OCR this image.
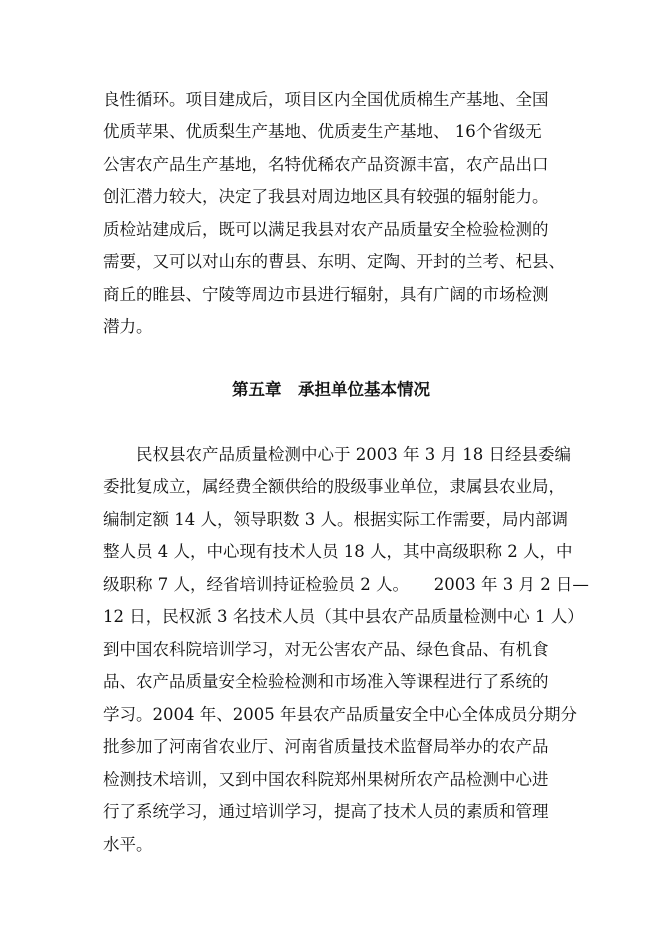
良性循环。项目建成后，项目区内全国优质棉生产基地、全国
优质苹果、优质梨生产基地、优质麦生产基地、 16个省级无
公害农产品生产基地，名特优稀农产品资源丰富，农产品出口
创汇潜力较大，决定了我县对周边地区具有较强的辐射能力。
质检站建成后，既可以满足我县对农产品质量安全检验检测的
需要，又可以对山东的曹县、东明、定陶、开封的兰考、杞县、
商丘的睢县、宁陵等周边市县进行辐射，具有广阔的市场检测
潜力。
第五章　承担单位基本情况
　　民权县农产品质量检测中心于 2003 年 3 月 18 日经县委编
委批复成立，属经费全额供给的股级事业单位，隶属县农业局，
编制定额 14 人，领导职数 3 人。根据实际工作需要，局内部调
整人员 4 人，中心现有技术人员 18 人，其中高级职称 2 人，中
级职称 7 人，经省培训持证检验员 2 人。　　2003 年 3 月 2 日—
12 日，民权派 3 名技术人员（其中县农产品质量检测中心 1 人）
到中国农科院培训学习，对无公害农产品、绿色食品、有机食
品、农产品质量安全检验检测和市场准入等课程进行了系统的
学习。2004 年、2005 年县农产品质量安全中心全体成员分期分
批参加了河南省农业厅、河南省质量技术监督局举办的农产品
检测技术培训，又到中国农科院郑州果树所农产品检测中心进
行了系统学习，通过培训学习，提高了技术人员的素质和管理
水平。
